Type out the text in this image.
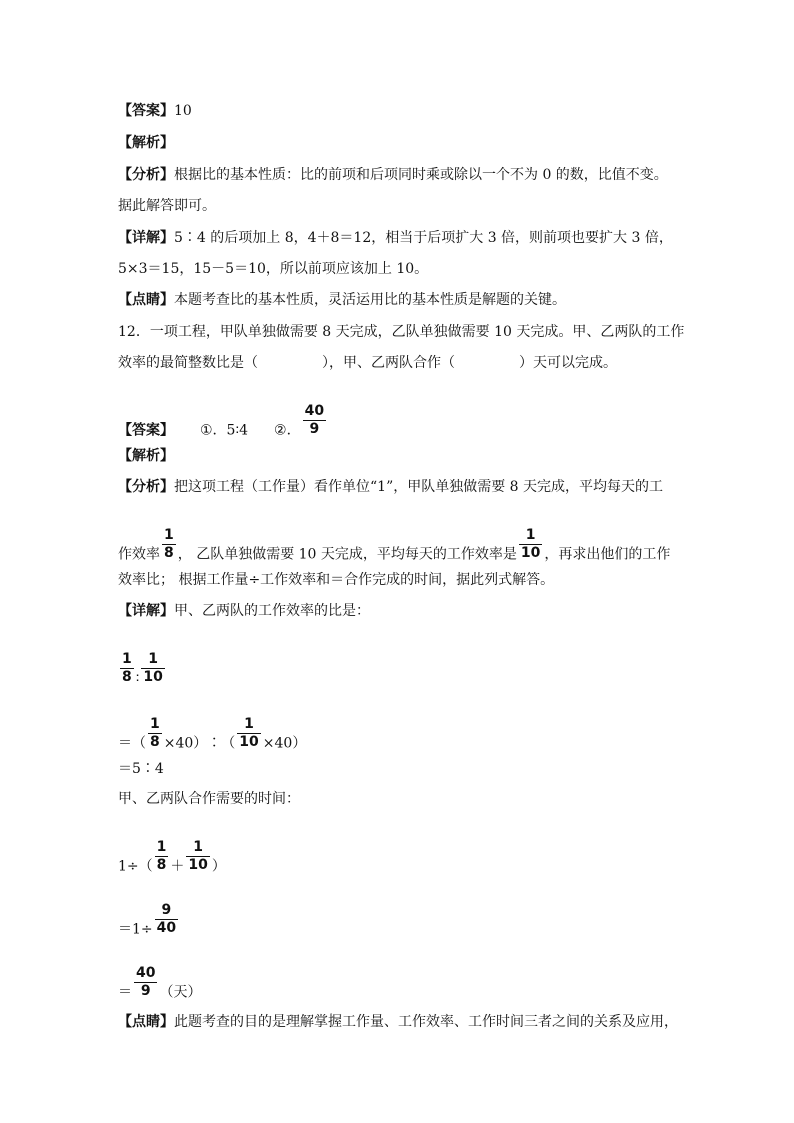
【答案】10
【解析】
【分析】根据比的基本性质：比的前项和后项同时乘或除以一个不为 0 的数，比值不变。
据此解答即可。
【详解】5∶4 的后项加上 8，4＋8＝12，相当于后项扩大 3 倍，则前项也要扩大 3 倍，
5×3＝15，15－5＝10，所以前项应该加上 10。
【点睛】本题考查比的基本性质，灵活运用比的基本性质是解题的关键。
12．一项工程，甲队单独做需要 8 天完成，乙队单独做需要 10 天完成。甲、乙两队的工作
效率的最简整数比是（	），甲、乙两队合作（	）天可以完成。
【答案】 ①．5∶4 ②． $\frac{40}{9}$
【解析】
【分析】把这项工程（工作量）看作单位“1”，甲队单独做需要 8 天完成，平均每天的工
作效率 $\frac{1}{8}$ ， 乙队单独做需要 10 天完成，平均每天的工作效率是 $\frac{1}{10}$ ，再求出他们的工作
效率比； 根据工作量÷工作效率和＝合作完成的时间，据此列式解答。
【详解】甲、乙两队的工作效率的比是：
$\frac{1}{8}$ ∶ $\frac{1}{10}$
＝（ $\frac{1}{8}$ ×40）∶（ $\frac{1}{10} \times 40$）
＝5∶4
甲、乙两队合作需要的时间：
$1\div( \frac{1}{8} + \frac{1}{10}$ ）
$=1\div \frac{9}{40}$
＝ $\frac{40}{9}$ （天）
【点睛】此题考查的目的是理解掌握工作量、工作效率、工作时间三者之间的关系及应用，
